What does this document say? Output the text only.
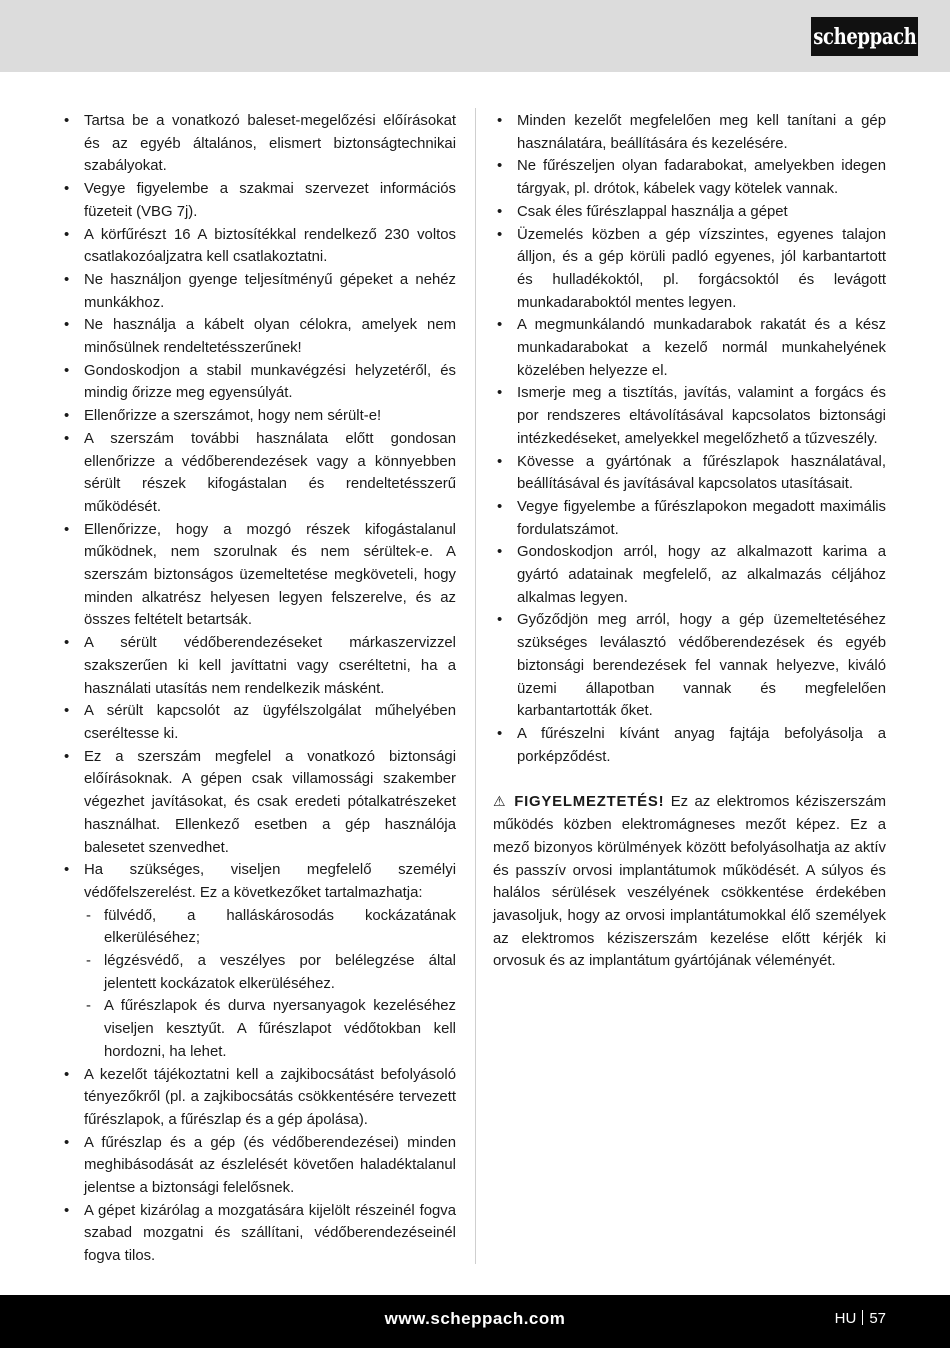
scheppach
• Tartsa be a vonatkozó baleset-megelőzési előírásokat és az egyéb általános, elismert biztonságtechnikai szabályokat.
• Vegye figyelembe a szakmai szervezet információs füzeteit (VBG 7j).
• A körfűrészt 16 A biztosítékkal rendelkező 230 voltos csatlakozóaljzatra kell csatlakoztatni.
• Ne használjon gyenge teljesítményű gépeket a nehéz munkákhoz.
• Ne használja a kábelt olyan célokra, amelyek nem minősülnek rendeltetésszerűnek!
• Gondoskodjon a stabil munkavégzési helyzetéről, és mindig őrizze meg egyensúlyát.
• Ellenőrizze a szerszámot, hogy nem sérült-e!
• A szerszám további használata előtt gondosan ellenőrizze a védőberendezések vagy a könnyebben sérült részek kifogástalan és rendeltetésszerű működését.
• Ellenőrizze, hogy a mozgó részek kifogástalanul működnek, nem szorulnak és nem sérültek-e. A szerszám biztonságos üzemeltetése megköveteli, hogy minden alkatrész helyesen legyen felszerelve, és az összes feltételt betartsák.
• A sérült védőberendezéseket márkaszervizzel szakszerűen ki kell javíttatni vagy cseréltetni, ha a használati utasítás nem rendelkezik másként.
• A sérült kapcsolót az ügyfélszolgálat műhelyében cseréltesse ki.
• Ez a szerszám megfelel a vonatkozó biztonsági előírásoknak. A gépen csak villamossági szakember végezhet javításokat, és csak eredeti pótalkatrészeket használhat. Ellenkező esetben a gép használója balesetet szenvedhet.
• Ha szükséges, viseljen megfelelő személyi védőfelszerelést. Ez a következőket tartalmazhatja:
- fülvédő, a halláskárosodás kockázatának elkerüléséhez;
- légzésvédő, a veszélyes por belélegzése által jelentett kockázatok elkerüléséhez.
- A fűrészlapok és durva nyersanyagok kezeléséhez viseljen kesztyűt. A fűrészlapot védőtokban kell hordozni, ha lehet.
• A kezelőt tájékoztatni kell a zajkibocsátást befolyásoló tényezőkről (pl. a zajkibocsátás csökkentésére tervezett fűrészlapok, a fűrészlap és a gép ápolása).
• A fűrészlap és a gép (és védőberendezései) minden meghibásodását az észlelését követően haladéktalanul jelentse a biztonsági felelősnek.
• A gépet kizárólag a mozgatására kijelölt részeinél fogva szabad mozgatni és szállítani, védőberendezéseinél fogva tilos.
• Minden kezelőt megfelelően meg kell tanítani a gép használatára, beállítására és kezelésére.
• Ne fűrészeljen olyan fadarabokat, amelyekben idegen tárgyak, pl. drótok, kábelek vagy kötelek vannak.
• Csak éles fűrészlappal használja a gépet
• Üzemelés közben a gép vízszintes, egyenes talajon álljon, és a gép körüli padló egyenes, jól karbantartott és hulladékoktól, pl. forgácsoktól és levágott munkadaraboktól mentes legyen.
• A megmunkálandó munkadarabok rakatát és a kész munkadarabokat a kezelő normál munkahelyének közelében helyezze el.
• Ismerje meg a tisztítás, javítás, valamint a forgács és por rendszeres eltávolításával kapcsolatos biztonsági intézkedéseket, amelyekkel megelőzhető a tűzveszély.
• Kövesse a gyártónak a fűrészlapok használatával, beállításával és javításával kapcsolatos utasításait.
• Vegye figyelembe a fűrészlapokon megadott maximális fordulatszámot.
• Gondoskodjon arról, hogy az alkalmazott karima a gyártó adatainak megfelelő, az alkalmazás céljához alkalmas legyen.
• Győződjön meg arról, hogy a gép üzemeltetéséhez szükséges leválasztó védőberendezések és egyéb biztonsági berendezések fel vannak helyezve, kiváló üzemi állapotban vannak és megfelelően karbantartották őket.
• A fűrészelni kívánt anyag fajtája befolyásolja a porképződést.

⚠ FIGYELMEZTETÉS! Ez az elektromos kéziszerszám működés közben elektromágneses mezőt képez. Ez a mező bizonyos körülmények között befolyásolhatja az aktív és passzív orvosi implantátumok működését. A súlyos és halálos sérülések veszélyének csökkentése érdekében javasoljuk, hogy az orvosi implantátumokkal élő személyek az elektromos kéziszerszám kezelése előtt kérjék ki orvosuk és az implantátum gyártójának véleményét.

www.scheppach.com	HU 57
